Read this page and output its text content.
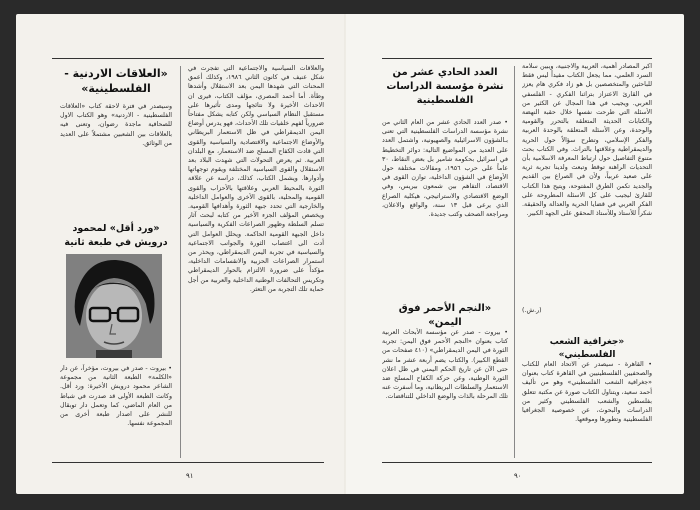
«العلاقات الاردنية - الفلسطينية»

وسيصدر في فترة لاحقة كتاب «العلاقات الفلسطينية - الاردنية» وهو الكتاب الاول للصحافية ماجدة رضوان، وتعنى فيه بالعلاقات بين الشعبين مشتملاً على العديد من الوثائق.

«ورد أقل» لمحمود درويش في طبعة ثانية

• بيروت - صدر في بيروت، مؤخراً، عن دار «الكلمة» الطبعة الثانية من مجموعة الشاعر محمود درويش الأخيرة: ورد أقل. وكانت الطبعة الأولى قد صدرت في شباط من العام الماضي، كما وتعمل دار توبقال للنشر على اصدار طبعة أخرى من المجموعة نفسها.

والعلاقات السياسية والاجتماعية التي تفجرت في شكل عنيف في كانون الثاني ١٩٨٦، وكذلك أعمق المحنات التي شهدها اليمن بعد الاستقلال وأشدها وطأة. أما أحمد المصري، مؤلف الكتاب، فيرى ان الاحداث الأخيرة ولا نتائجها ومدى تأثيرها على مستقبل النظام السياسي ولكن كتابه يشكل مفتاحاً ضرورياً لفهم خلفيات تلك الأحداث، فهو يدرس أوضاع اليمن الديمقراطي في ظل الاستعمار البريطاني والأوضاع الاجتماعية والاقتصادية والسياسية والقوى التي قادت الكفاح المسلح ضد الاستعمار، مع البلدان العربية. ثم يعرض التحولات التي شهدت البلاد بعد الاستقلال والقوى السياسية المختلفة ويقوم توجهاتها وأدوارها. ويشمل الكتاب، كذلك، دراسة عن علاقة الثورة بالمحيط العربي وعلاقتها بالأحزاب والقوى القومية والمحلية، بالقوى الأخرى والعوامل الداخلية والخارجية التي تحدد جبهة الثورة وأهدافها القومية. ويخصص المؤلف الجزء الأخير من كتابه لبحث آثار تسلم السلطة وظهور الصراعات الفكرية والسياسية داخل الجبهة القومية الحاكمة. ويحلل العوامل التي أدت الى اغتصاب الثورة والجوانب الاجتماعية والسياسية في تجربة اليمن الديمقراطي، ويحذر من استمرار الصراعات الحزبية والانقسامات الداخلية، مؤكداً على ضرورة الالتزام بالحوار الديمقراطي وتكريس التحالفات الوطنية الداخلية والعربية من أجل حماية تلك التجربة من التعثر.

٩١

اكبر المصادر أهمية، العربية والاجنبية، ويبين سلامة السرد العلمي، مما يجعل الكتاب مفيداً ليس فقط للباحثين والمتخصصين بل هو زاد فكري هام يعزز في القارئ الاعتزاز بتراثنا الفكري - الفلسفي العربي. ويجيب في هذا المجال عن الكثير من الأسئلة التي طرحت نفسها خلال حقبة النهضة والكتابات الحديثة المتعلقة بالتحرر والقومية والوحدة، وعن الأسئلة المتعلقة بالوحدة العربية والفكر الإسلامي، وتطرح سؤالاً حول الحرية والديمقراطية وعلاقتها بالتراث. وفي الكتاب بحث متنوع التفاصيل حول ارتباط المعرفة الاسلامية بأن التحديات الراهنة توقظ وتبعث ولدينا تجربة ثرية على صعيد عربياً، ولأن في الصراع بين القديم والجديد تكمن الطرق المفتوحة، ويتيح هذا الكتاب للقارئ ليجيب على كل الاسئلة المطروحة على الفكر العربي في قضايا الحرية والعدالة والحقيقة. شكراً للأستاذ وللأستاذ المحقق على الجهد الكبير.

(ر.ش.)

«جغرافية الشعب الفلسطيني»

• القاهرة - سيصدر عن الاتحاد العام للكتاب والصحفيين الفلسطينيين في القاهرة كتاب بعنوان «جغرافية الشعب الفلسطيني» وهو من تأليف أحمد سعيد، ويتناول الكتاب صورة عن مكتبة تتعلق بفلسطين والشعب الفلسطيني وكثير من الدراسات والبحوث، عن خصوصية الجغرافيا الفلسطينية وتطورها وموقعها.

العدد الحادي عشر من نشرة مؤسسة الدراسات الفلسطينية

• صدر العدد الحادي عشر من العام الثاني من نشرة مؤسسة الدراسات الفلسطينية التي تعنى بـالشؤون الاسرائيلية والصهيونية، واشتمل العدد على العديد من المواضيع التالية: دوائر التخطيط في اسرائيل بحكومة شامير بل بعض النقاط، ٣٠ عاماً على حرب ١٩٥٦، ومقالات مختلفة حول الأوضاع في الشؤون الداخلية، توازن القوى في الاقتصاد، التفاهم بين شمعون بيريس، وفي الوضع الاقتصادي والاستراتيجي، هيكلية الصراع الذي يرعى قبل ١٣ سنة، والواقع والاعلان، ومراجعة الصحف وكتب جديدة.

«النجم الأحمر فوق اليمن»

• بيروت - صدر عن مؤسسة الأبحاث العربية كتاب بعنوان «النجم الأحمر فوق اليمن: تجربة الثورة في اليمن الديمقراطي» (٤١٠ صفحات من القطع الكبير). والكتاب يضم أربعة عشر ما نشر حتى الآن عن تاريخ الحكم اليمني في ظل اعلان الثورة الوطنية، وعن حركة الكفاح المسلح ضد الاستعمار والسلطات البريطانية، وما أسفرت عنه تلك المرحلة بالذات والوضع الداخلي للتناقضات.

٩٠
